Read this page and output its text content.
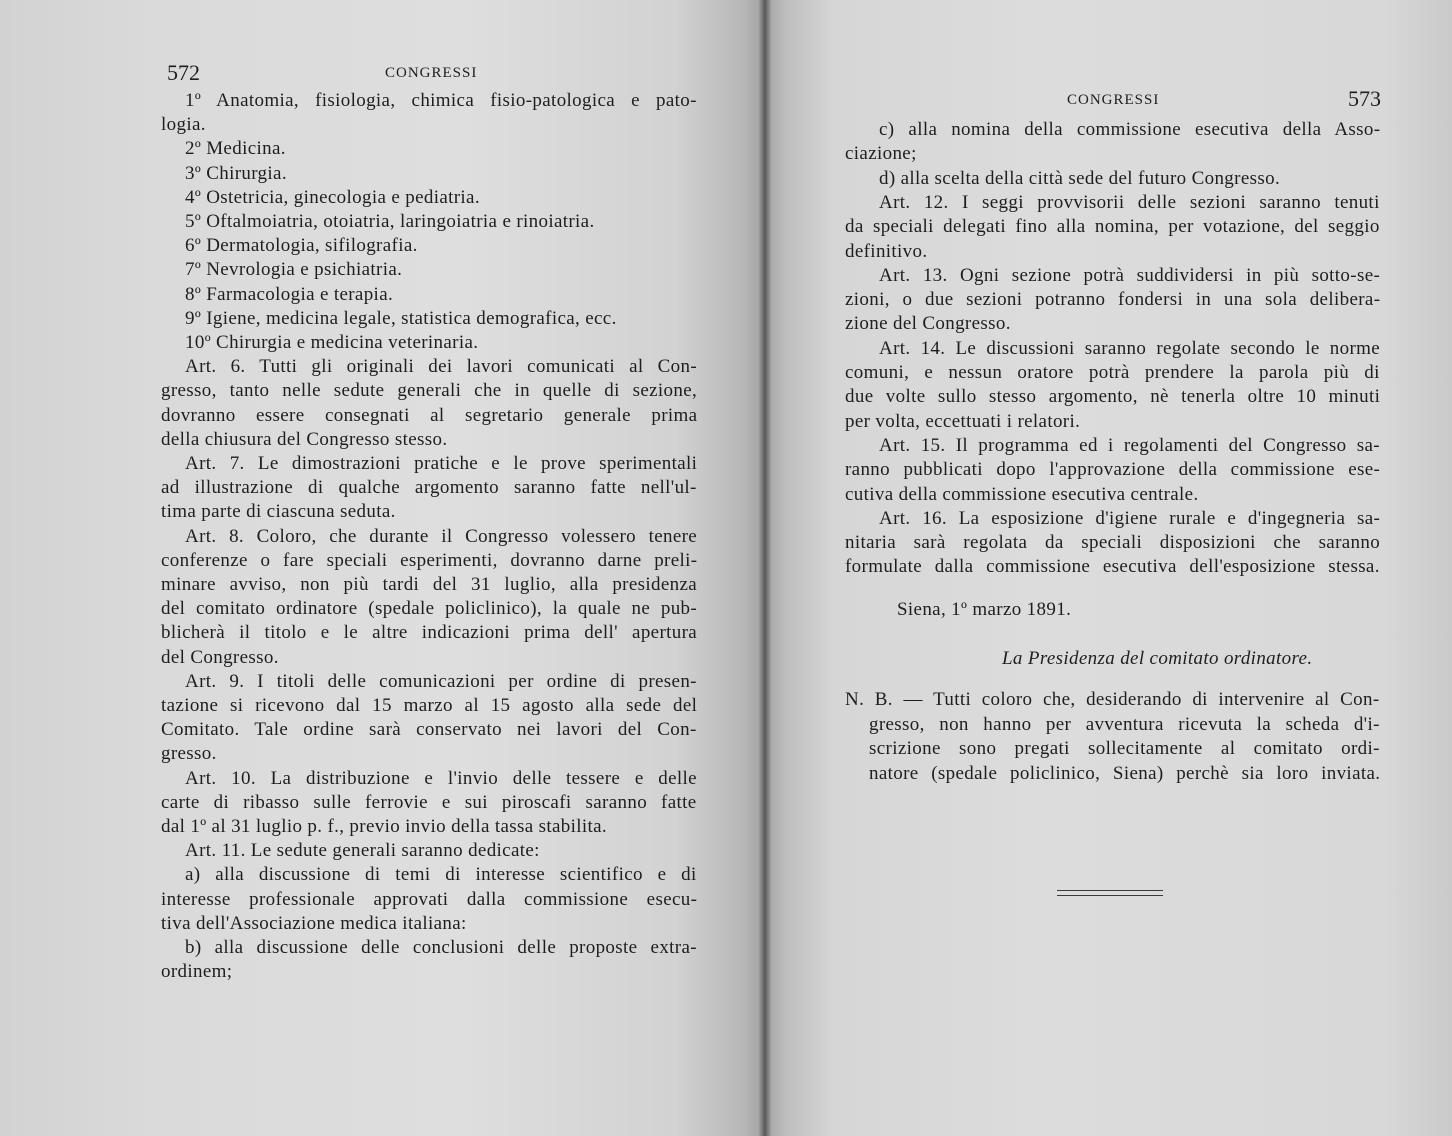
572	CONGRESSI
1º Anatomia, fisiologia, chimica fisio-patologica e pato-
logia.
2º Medicina.
3º Chirurgia.
4º Ostetricia, ginecologia e pediatria.
5º Oftalmoiatria, otoiatria, laringoiatria e rinoiatria.
6º Dermatologia, sifilografia.
7º Nevrologia e psichiatria.
8º Farmacologia e terapia.
9º Igiene, medicina legale, statistica demografica, ecc.
10º Chirurgia e medicina veterinaria.
Art. 6. Tutti gli originali dei lavori comunicati al Con-
gresso, tanto nelle sedute generali che in quelle di sezione,
dovranno essere consegnati al segretario generale prima
della chiusura del Congresso stesso.
Art. 7. Le dimostrazioni pratiche e le prove sperimentali
ad illustrazione di qualche argomento saranno fatte nell'ul-
tima parte di ciascuna seduta.
Art. 8. Coloro, che durante il Congresso volessero tenere
conferenze o fare speciali esperimenti, dovranno darne preli-
minare avviso, non più tardi del 31 luglio, alla presidenza
del comitato ordinatore (spedale policlinico), la quale ne pub-
blicherà il titolo e le altre indicazioni prima dell' apertura
del Congresso.
Art. 9. I titoli delle comunicazioni per ordine di presen-
tazione si ricevono dal 15 marzo al 15 agosto alla sede del
Comitato. Tale ordine sarà conservato nei lavori del Con-
gresso.
Art. 10. La distribuzione e l'invio delle tessere e delle
carte di ribasso sulle ferrovie e sui piroscafi saranno fatte
dal 1º al 31 luglio p. f., previo invio della tassa stabilita.
Art. 11. Le sedute generali saranno dedicate:
a) alla discussione di temi di interesse scientifico e di
interesse professionale approvati dalla commissione esecu-
tiva dell'Associazione medica italiana:
b) alla discussione delle conclusioni delle proposte extra-
ordinem;
CONGRESSI	573
c) alla nomina della commissione esecutiva della Asso-
ciazione;
d) alla scelta della città sede del futuro Congresso.
Art. 12. I seggi provvisorii delle sezioni saranno tenuti
da speciali delegati fino alla nomina, per votazione, del seggio
definitivo.
Art. 13. Ogni sezione potrà suddividersi in più sotto-se-
zioni, o due sezioni potranno fondersi in una sola delibera-
zione del Congresso.
Art. 14. Le discussioni saranno regolate secondo le norme
comuni, e nessun oratore potrà prendere la parola più di
due volte sullo stesso argomento, nè tenerla oltre 10 minuti
per volta, eccettuati i relatori.
Art. 15. Il programma ed i regolamenti del Congresso sa-
ranno pubblicati dopo l'approvazione della commissione ese-
cutiva della commissione esecutiva centrale.
Art. 16. La esposizione d'igiene rurale e d'ingegneria sa-
nitaria sarà regolata da speciali disposizioni che saranno
formulate dalla commissione esecutiva dell'esposizione stessa.
Siena, 1º marzo 1891.
La Presidenza del comitato ordinatore.
N. B. — Tutti coloro che, desiderando di intervenire al Con-
gresso, non hanno per avventura ricevuta la scheda d'i-
scrizione sono pregati sollecitamente al comitato ordi-
natore (spedale policlinico, Siena) perchè sia loro inviata.
